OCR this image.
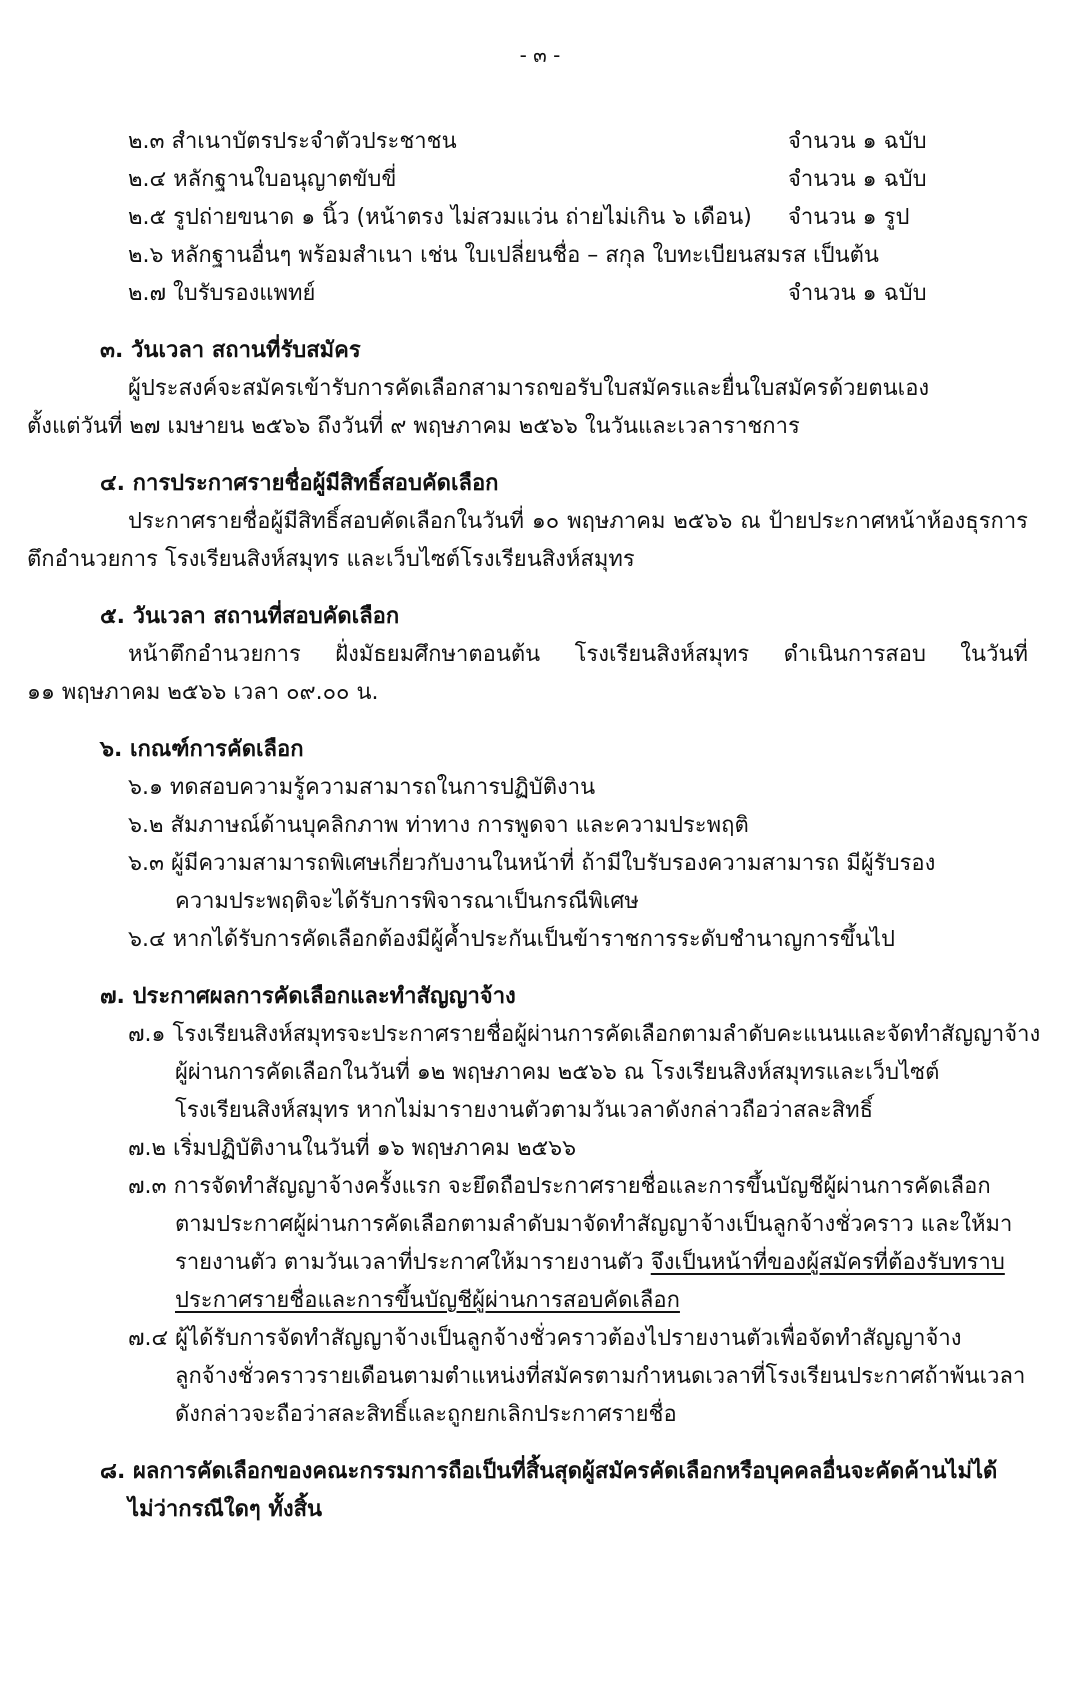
- ๓ -
๒.๓ สำเนาบัตรประจำตัวประชาชน	จำนวน ๑ ฉบับ
๒.๔ หลักฐานใบอนุญาตขับขี่	จำนวน ๑ ฉบับ
๒.๕ รูปถ่ายขนาด ๑ นิ้ว (หน้าตรง ไม่สวมแว่น ถ่ายไม่เกิน ๖ เดือน) จำนวน ๑ รูป
๒.๖ หลักฐานอื่นๆ พร้อมสำเนา เช่น ใบเปลี่ยนชื่อ – สกุล ใบทะเบียนสมรส เป็นต้น
๒.๗ ใบรับรองแพทย์	จำนวน ๑ ฉบับ
๓. วันเวลา สถานที่รับสมัคร
ผู้ประสงค์จะสมัครเข้ารับการคัดเลือกสามารถขอรับใบสมัครและยื่นใบสมัครด้วยตนเอง
ตั้งแต่วันที่ ๒๗ เมษายน ๒๕๖๖ ถึงวันที่ ๙ พฤษภาคม ๒๕๖๖ ในวันและเวลาราชการ
๔. การประกาศรายชื่อผู้มีสิทธิ์สอบคัดเลือก
ประกาศรายชื่อผู้มีสิทธิ์สอบคัดเลือกในวันที่ ๑๐ พฤษภาคม ๒๕๖๖ ณ ป้ายประกาศหน้าห้องธุรการ
ตึกอำนวยการ โรงเรียนสิงห์สมุทร และเว็บไซต์โรงเรียนสิงห์สมุทร
๕. วันเวลา สถานที่สอบคัดเลือก
หน้าตึกอำนวยการ ฝั่งมัธยมศึกษาตอนต้น โรงเรียนสิงห์สมุทร ดำเนินการสอบ ในวันที่
๑๑ พฤษภาคม ๒๕๖๖ เวลา ๐๙.๐๐ น.
๖. เกณฑ์การคัดเลือก
๖.๑ ทดสอบความรู้ความสามารถในการปฏิบัติงาน
๖.๒ สัมภาษณ์ด้านบุคลิกภาพ ท่าทาง การพูดจา และความประพฤติ
๖.๓ ผู้มีความสามารถพิเศษเกี่ยวกับงานในหน้าที่ ถ้ามีใบรับรองความสามารถ มีผู้รับรอง
ความประพฤติจะได้รับการพิจารณาเป็นกรณีพิเศษ
๖.๔ หากได้รับการคัดเลือกต้องมีผู้ค้ำประกันเป็นข้าราชการระดับชำนาญการขึ้นไป
๗. ประกาศผลการคัดเลือกและทำสัญญาจ้าง
๗.๑ โรงเรียนสิงห์สมุทรจะประกาศรายชื่อผู้ผ่านการคัดเลือกตามลำดับคะแนนและจัดทำสัญญาจ้าง
ผู้ผ่านการคัดเลือกในวันที่ ๑๒ พฤษภาคม ๒๕๖๖ ณ โรงเรียนสิงห์สมุทรและเว็บไซต์
โรงเรียนสิงห์สมุทร หากไม่มารายงานตัวตามวันเวลาดังกล่าวถือว่าสละสิทธิ์
๗.๒ เริ่มปฏิบัติงานในวันที่ ๑๖ พฤษภาคม ๒๕๖๖
๗.๓ การจัดทำสัญญาจ้างครั้งแรก จะยึดถือประกาศรายชื่อและการขึ้นบัญชีผู้ผ่านการคัดเลือก
ตามประกาศผู้ผ่านการคัดเลือกตามลำดับมาจัดทำสัญญาจ้างเป็นลูกจ้างชั่วคราว และให้มา
รายงานตัว ตามวันเวลาที่ประกาศให้มารายงานตัว จึงเป็นหน้าที่ของผู้สมัครที่ต้องรับทราบ
ประกาศรายชื่อและการขึ้นบัญชีผู้ผ่านการสอบคัดเลือก
๗.๔ ผู้ได้รับการจัดทำสัญญาจ้างเป็นลูกจ้างชั่วคราวต้องไปรายงานตัวเพื่อจัดทำสัญญาจ้าง
ลูกจ้างชั่วคราวรายเดือนตามตำแหน่งที่สมัครตามกำหนดเวลาที่โรงเรียนประกาศถ้าพ้นเวลา
ดังกล่าวจะถือว่าสละสิทธิ์และถูกยกเลิกประกาศรายชื่อ
๘. ผลการคัดเลือกของคณะกรรมการถือเป็นที่สิ้นสุดผู้สมัครคัดเลือกหรือบุคคลอื่นจะคัดค้านไม่ได้
ไม่ว่ากรณีใดๆ ทั้งสิ้น
